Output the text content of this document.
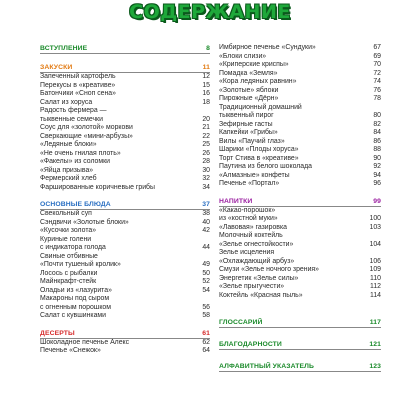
СОДЕРЖАНИЕ
ВСТУПЛЕНИЕ	8
ЗАКУСКИ	11
Запеченный картофель	12
Перекусы в «креативе»	15
Батончики «Сноп сена»	16
Салат из хоруса	18
Радость фермера —
тыквенные семечки	20
Соус для «золотой» моркови	21
Сверкающие «мини-арбузы»	22
«Ледяные блоки»	25
«Не очень гнилая плоть»	26
«Факелы» из соломки	28
«Яйца призыва»	30
Фермерский хлеб	32
Фаршированные коричневые грибы	34
ОСНОВНЫЕ БЛЮДА	37
Свекольный суп	38
Сэндвичи «Золотые блоки»	40
«Кусочки золота»	42
Куриные голени
с индикатора голода	44
Свиные отбивные
«Почти тушеный кролик»	49
Лосось с рыбалки	50
Майнкрафт-стейк	52
Оладьи из «лазурита»	54
Макароны под сыром
с огненным порошком	56
Салат с кувшинками	58
ДЕСЕРТЫ	61
Шоколадное печенье Алекс	62
Печенье «Снежок»	64
Имбирное печенье «Сундуки»	67
«Блоки слизи»	69
«Криперские криспы»	70
Помадка «Земля»	72
«Кора ледяных равнин»	74
«Золотые» яблоки	76
Пирожные «Дёрн»	78
Традиционный домашний
тыквенный пирог	80
Зефирные гасты	82
Капкейки «Грибы»	84
Вилы «Паучий глаз»	86
Шарики «Плоды хоруса»	88
Торт Стива в «креативе»	90
Паутина из белого шоколада	92
«Алмазные» конфеты	94
Печенье «Портал»	96
НАПИТКИ	99
«Какао-порошок»
из «костной муки»	100
«Лавовая» газировка	103
Молочный коктейль
«Зелье огнестойкости»	104
Зелье исцеления
«Охлаждающий арбуз»	106
Смузи «Зелье ночного зрения»	109
Энергетик «Зелье силы»	110
«Зелье прыгучести»	112
Коктейль «Красная пыль»	114
ГЛОССАРИЙ	117
БЛАГОДАРНОСТИ	121
АЛФАВИТНЫЙ УКАЗАТЕЛЬ	123
